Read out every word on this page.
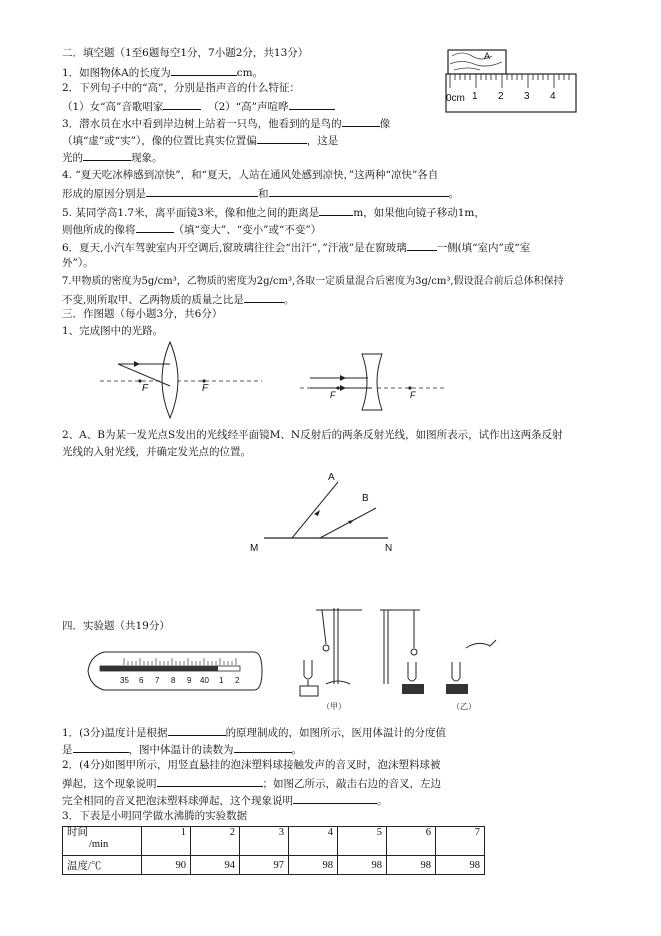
二．填空题（1至6题每空1分，7小题2分，共13分）
1．如图物体A的长度为	cm。
2．下列句子中的“高”，分别是指声音的什么特征：
（1）女“高”音歌唱家	（2）“高”声喧哗
3．潜水员在水中看到岸边树上站着一只鸟，他看到的是鸟的	像
（填“虚”或“实”），像的位置比真实位置偏	，这是
光的	现象。
4. “夏天吃冰棒感到凉快”，和“夏天，人站在通风处感到凉快，”这两种“凉快”各自
形成的原因分别是	和	。
5. 某同学高1.7米，离平面镜3米，像和他之间的距离是	m，如果他向镜子移动1m，
则他所成的像将	（填“变大”、“变小”或“不变”）
6．夏天,小汽车驾驶室内开空调后,窗玻璃往往会“出汗”，”汗液”是在窗玻璃	一侧(填“室内”或“室
外”）。
7.甲物质的密度为5g/cm³，乙物质的密度为2g/cm³,各取一定质量混合后密度为3g/cm³,假设混合前后总体积保持
不变,则所取甲、乙两物质的质量之比是	。
A
0cm 1 2 3 4
三．作图题（每小题3分，共6分）
1、完成图中的光路。
F	F
F	F
2、A、B为某一发光点S发出的光线经平面镜M、N反射后的两条反射光线，如图所表示，试作出这两条反射
光线的入射光线，并确定发光点的位置。
A
B
M	N
四．实验题（共19分）
35 6 7 8 9 40 1 2
（甲）	（乙）
1．(3分)温度计是根据	的原理制成的，如图所示，医用体温计的分度值
是	，图中体温计的读数为	。
2．(4分)如图甲所示，用竖直悬挂的泡沫塑料球接触发声的音叉时，泡沫塑料球被
弹起，这个现象说明	；如图乙所示，敲击右边的音叉，左边
完全相同的音叉把泡沫塑料球弹起，这个现象说明	。
3．下表是小明同学做水沸腾的实验数据
时间
/min	1	2	3	4	5	6	7
温度/℃	90	94	97	98	98	98	98
